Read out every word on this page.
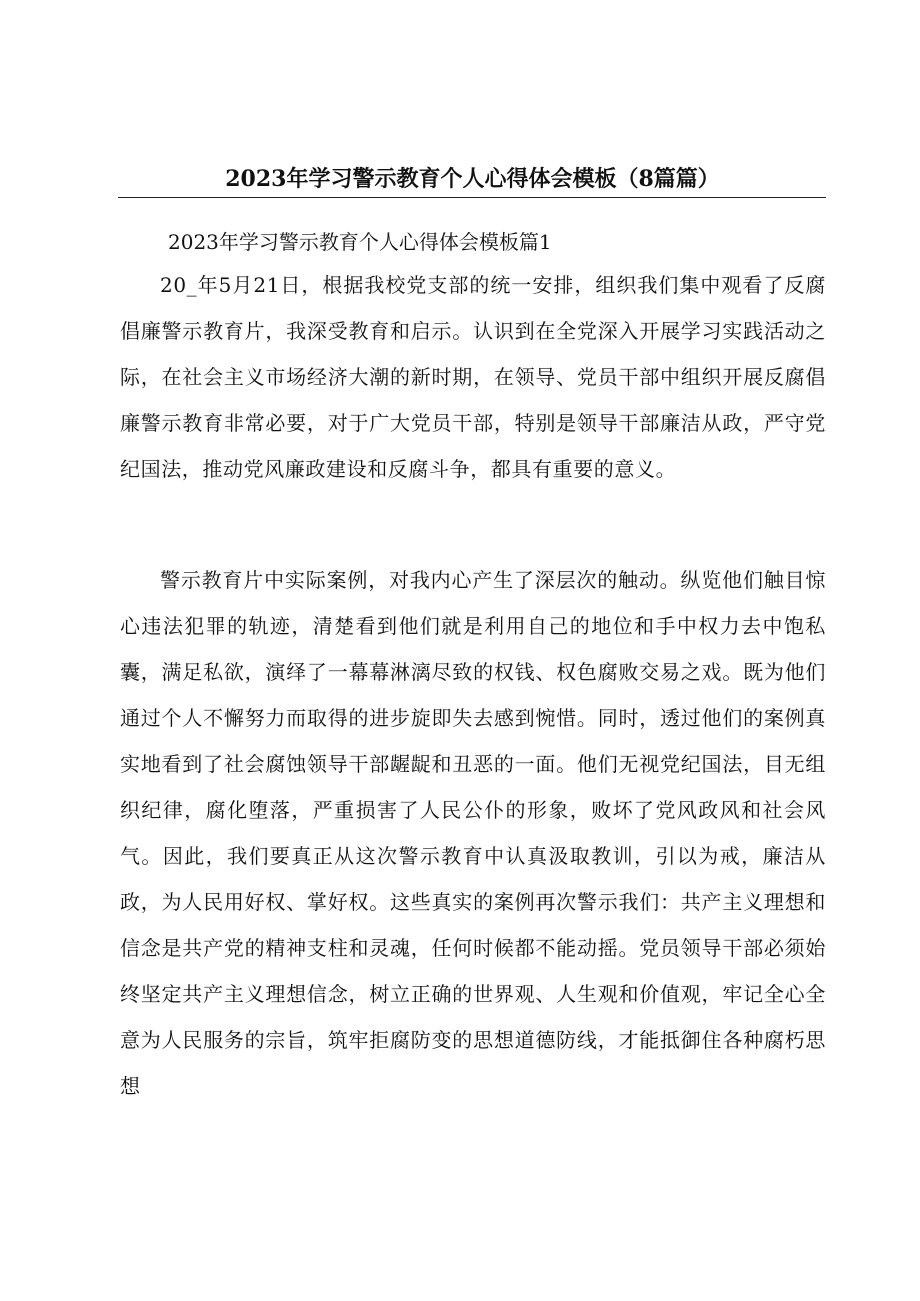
2023年学习警示教育个人心得体会模板（8篇篇）
2023年学习警示教育个人心得体会模板篇1

20_年5月21日，根据我校党支部的统一安排，组织我们集中观看了反腐倡廉警示教育片，我深受教育和启示。认识到在全党深入开展学习实践活动之际，在社会主义市场经济大潮的新时期，在领导、党员干部中组织开展反腐倡廉警示教育非常必要，对于广大党员干部，特别是领导干部廉洁从政，严守党纪国法，推动党风廉政建设和反腐斗争，都具有重要的意义。

警示教育片中实际案例，对我内心产生了深层次的触动。纵览他们触目惊心违法犯罪的轨迹，清楚看到他们就是利用自己的地位和手中权力去中饱私囊，满足私欲，演绎了一幕幕淋漓尽致的权钱、权色腐败交易之戏。既为他们通过个人不懈努力而取得的进步旋即失去感到惋惜。同时，透过他们的案例真实地看到了社会腐蚀领导干部龌龊和丑恶的一面。他们无视党纪国法，目无组织纪律，腐化堕落，严重损害了人民公仆的形象，败坏了党风政风和社会风气。因此，我们要真正从这次警示教育中认真汲取教训，引以为戒，廉洁从政，为人民用好权、掌好权。这些真实的案例再次警示我们：共产主义理想和信念是共产党的精神支柱和灵魂，任何时候都不能动摇。党员领导干部必须始终坚定共产主义理想信念，树立正确的世界观、人生观和价值观，牢记全心全意为人民服务的宗旨，筑牢拒腐防变的思想道德防线，才能抵御住各种腐朽思想
